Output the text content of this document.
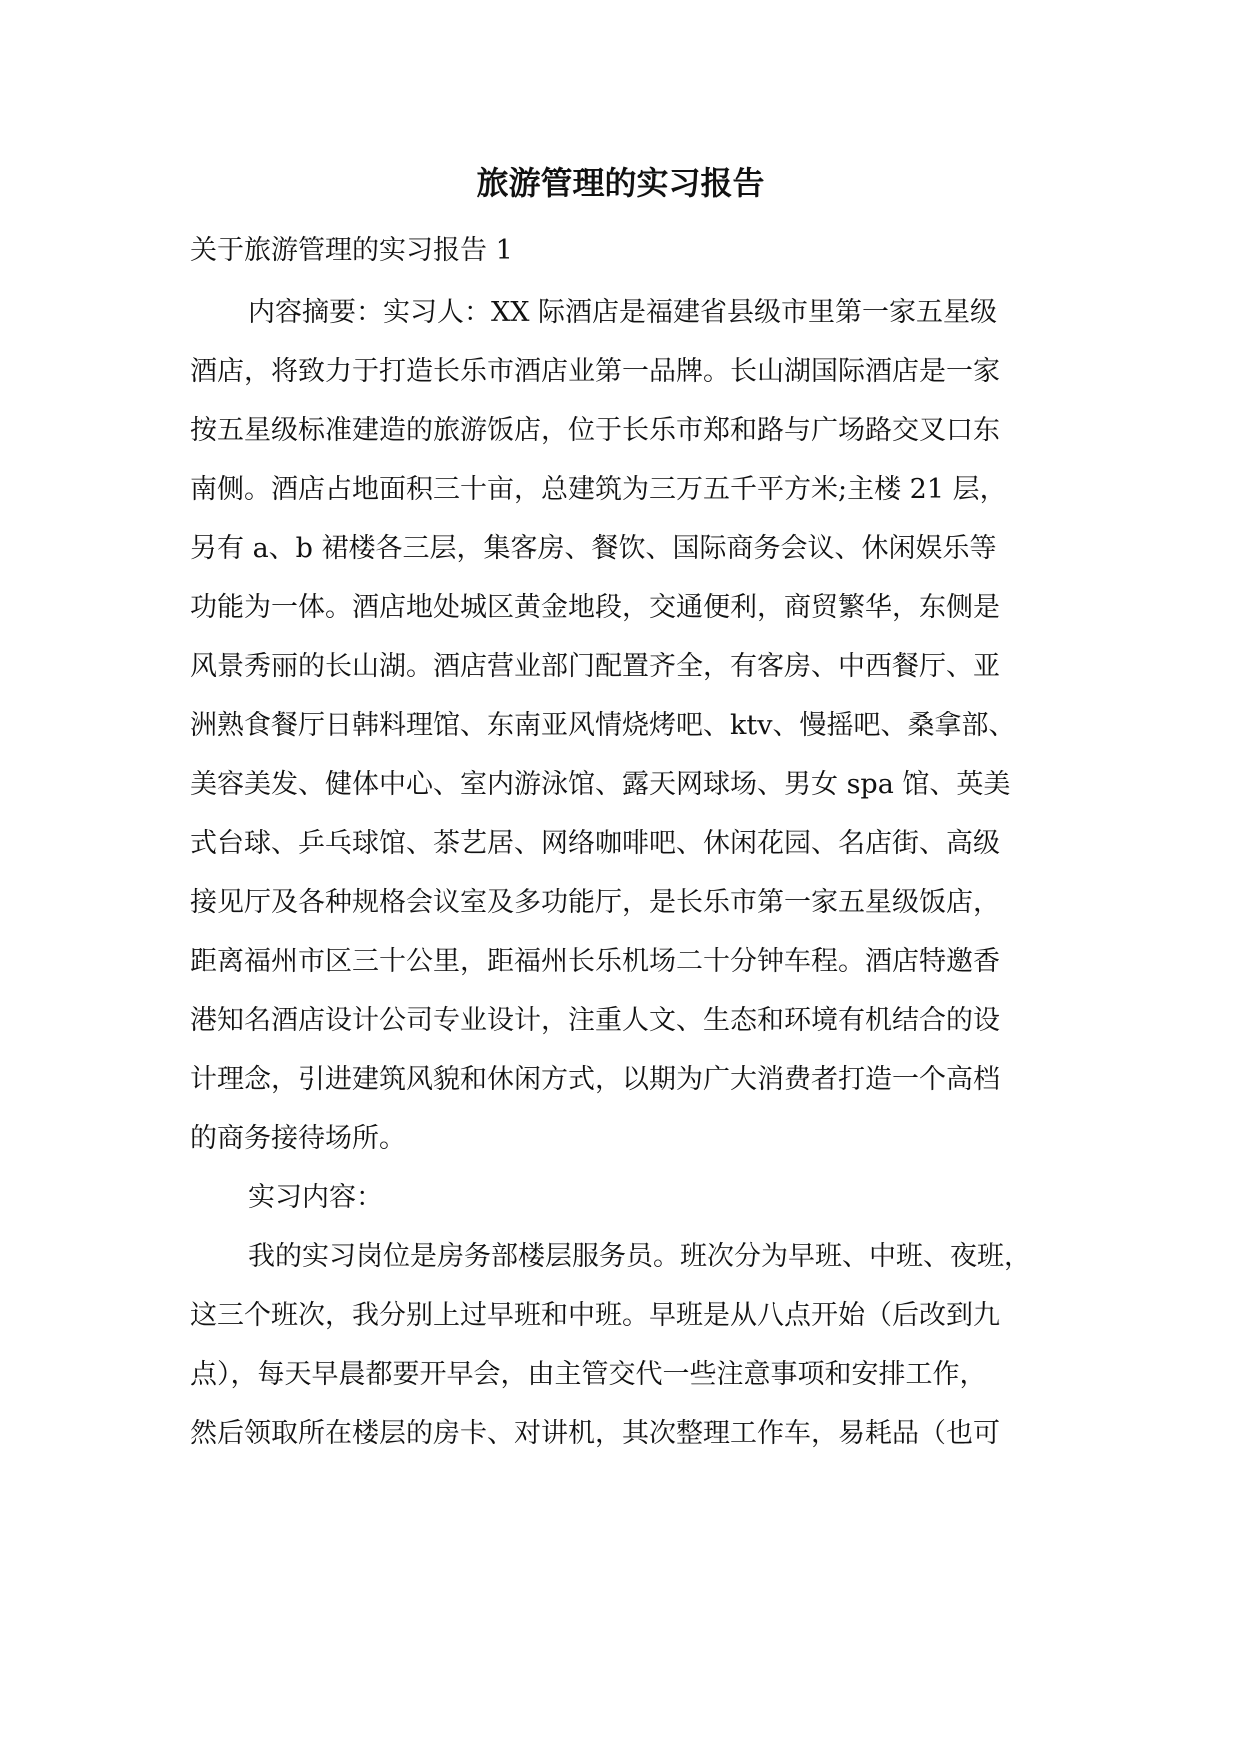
旅游管理的实习报告

关于旅游管理的实习报告 1

内容摘要：实习人：XX 际酒店是福建省县级市里第一家五星级

酒店，将致力于打造长乐市酒店业第一品牌。长山湖国际酒店是一家

按五星级标准建造的旅游饭店，位于长乐市郑和路与广场路交叉口东

南侧。酒店占地面积三十亩，总建筑为三万五千平方米;主楼 21 层，

另有 a、b 裙楼各三层，集客房、餐饮、国际商务会议、休闲娱乐等

功能为一体。酒店地处城区黄金地段，交通便利，商贸繁华，东侧是

风景秀丽的长山湖。酒店营业部门配置齐全，有客房、中西餐厅、亚

洲熟食餐厅日韩料理馆、东南亚风情烧烤吧、ktv、慢摇吧、桑拿部、

美容美发、健体中心、室内游泳馆、露天网球场、男女 spa 馆、英美

式台球、乒乓球馆、茶艺居、网络咖啡吧、休闲花园、名店街、高级

接见厅及各种规格会议室及多功能厅，是长乐市第一家五星级饭店，

距离福州市区三十公里，距福州长乐机场二十分钟车程。酒店特邀香

港知名酒店设计公司专业设计，注重人文、生态和环境有机结合的设

计理念，引进建筑风貌和休闲方式，以期为广大消费者打造一个高档

的商务接待场所。

实习内容：

我的实习岗位是房务部楼层服务员。班次分为早班、中班、夜班，

这三个班次，我分别上过早班和中班。早班是从八点开始（后改到九

点），每天早晨都要开早会，由主管交代一些注意事项和安排工作，

然后领取所在楼层的房卡、对讲机，其次整理工作车，易耗品（也可
